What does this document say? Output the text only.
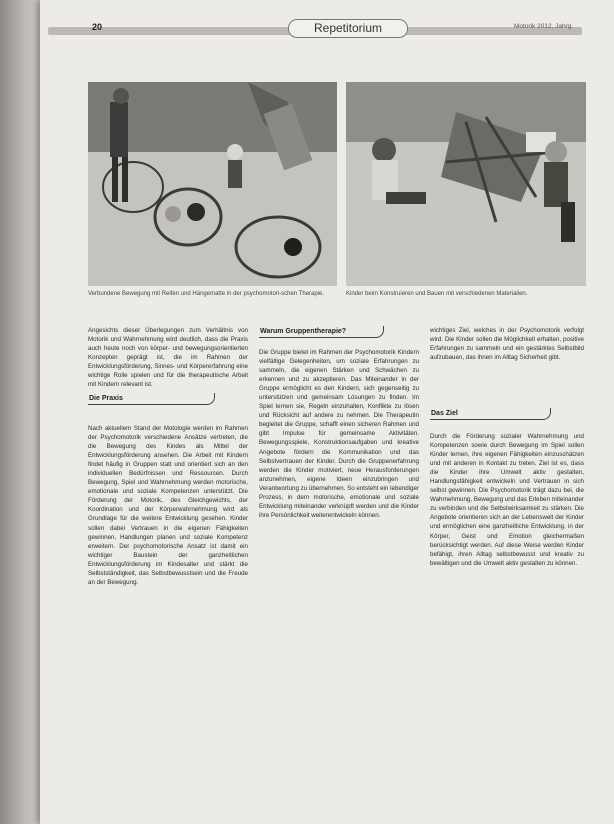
20	Repetitorium	Motorik 2012, Jahrg.
Verbundene Bewegung mit Reifen und Hängematte in der psychomotori-schen Therapie.	Kinder beim Konstruieren und Bauen mit verschiedenen Materialien.
Angesichts dieser Überlegungen zum Verhältnis von Motorik und Wahrnehmung wird deutlich, dass die Praxis auch heute noch von körper- und bewegungsorientierten Konzepten geprägt ist, die im Rahmen der Entwicklungsförderung, Sinnes- und Körpererfahrung eine wichtige Rolle spielen und für die therapeutische Arbeit mit Kindern relevant ist.
Die Praxis
Nach aktuellem Stand der Motologie werden im Rahmen der Psychomotorik verschiedene Ansätze vertreten, die die Bewegung des Kindes als Mittel der Entwicklungsförderung ansehen. Die Arbeit mit Kindern findet häufig in Gruppen statt und orientiert sich an den individuellen Bedürfnissen und Ressourcen. Durch Bewegung, Spiel und Wahrnehmung werden motorische, emotionale und soziale Kompetenzen unterstützt. Die Förderung der Motorik, des Gleichgewichts, der Koordination und der Körperwahrnehmung wird als Grundlage für die weitere Entwicklung gesehen. Kinder sollen dabei Vertrauen in die eigenen Fähigkeiten gewinnen, Handlungen planen und soziale Kompetenz erweitern. Der psychomotorische Ansatz ist damit ein wichtiger Baustein der ganzheitlichen Entwicklungsförderung im Kindesalter und stärkt die Selbstständigkeit, das Selbstbewusstsein und die Freude an der Bewegung.
Warum Gruppentherapie?
Die Gruppe bietet im Rahmen der Psychomotorik Kindern vielfältige Gelegenheiten, um soziale Erfahrungen zu sammeln, die eigenen Stärken und Schwächen zu erkennen und zu akzeptieren. Das Miteinander in der Gruppe ermöglicht es den Kindern, sich gegenseitig zu unterstützen und gemeinsam Lösungen zu finden. Im Spiel lernen sie, Regeln einzuhalten, Konflikte zu lösen und Rücksicht auf andere zu nehmen. Die Therapeutin begleitet die Gruppe, schafft einen sicheren Rahmen und gibt Impulse für gemeinsame Aktivitäten. Bewegungsspiele, Konstruktionsaufgaben und kreative Angebote fördern die Kommunikation und das Selbstvertrauen der Kinder. Durch die Gruppenerfahrung werden die Kinder motiviert, neue Herausforderungen anzunehmen, eigene Ideen einzubringen und Verantwortung zu übernehmen. So entsteht ein lebendiger Prozess, in dem motorische, emotionale und soziale Entwicklung miteinander verknüpft werden und die Kinder ihre Persönlichkeit weiterentwickeln können.
wichtiges Ziel, welches in der Psychomotorik verfolgt wird. Die Kinder sollen die Möglichkeit erhalten, positive Erfahrungen zu sammeln und ein gestärktes Selbstbild aufzubauen, das ihnen im Alltag Sicherheit gibt.
Das Ziel
Durch die Förderung sozialer Wahrnehmung und Kompetenzen sowie durch Bewegung im Spiel sollen Kinder lernen, ihre eigenen Fähigkeiten einzuschätzen und mit anderen in Kontakt zu treten. Ziel ist es, dass die Kinder ihre Umwelt aktiv gestalten, Handlungsfähigkeit entwickeln und Vertrauen in sich selbst gewinnen. Die Psychomotorik trägt dazu bei, die Wahrnehmung, Bewegung und das Erleben miteinander zu verbinden und die Selbstwirksamkeit zu stärken. Die Angebote orientieren sich an der Lebenswelt der Kinder und ermöglichen eine ganzheitliche Entwicklung, in der Körper, Geist und Emotion gleichermaßen berücksichtigt werden. Auf diese Weise werden Kinder befähigt, ihren Alltag selbstbewusst und kreativ zu bewältigen und die Umwelt aktiv gestalten zu können.
